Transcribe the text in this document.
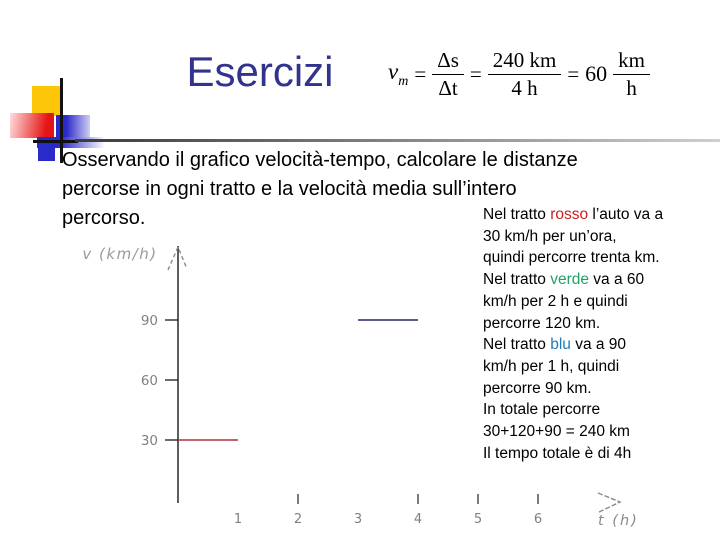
Esercizi	$v_m = \frac{\Delta s}{\Delta t} = \frac{240 km}{4 h} = 60 \frac{km}{h}$
Osservando il grafico velocità-tempo, calcolare le distanze
percorse in ogni tratto e la velocità media sull’intero
percorso.	Nel tratto rosso l’auto va a
30 km/h per un’ora,
quindi percorre trenta km.
Nel tratto verde va a 60
km/h per 2 h e quindi
percorre 120 km.
Nel tratto blu va a 90
km/h per 1 h, quindi
percorre 90 km.
In totale percorre
30+120+90 = 240 km
Il tempo totale è di 4h
30
60
90
1	2	3	4	5	6
v (km/h)
t (h)
